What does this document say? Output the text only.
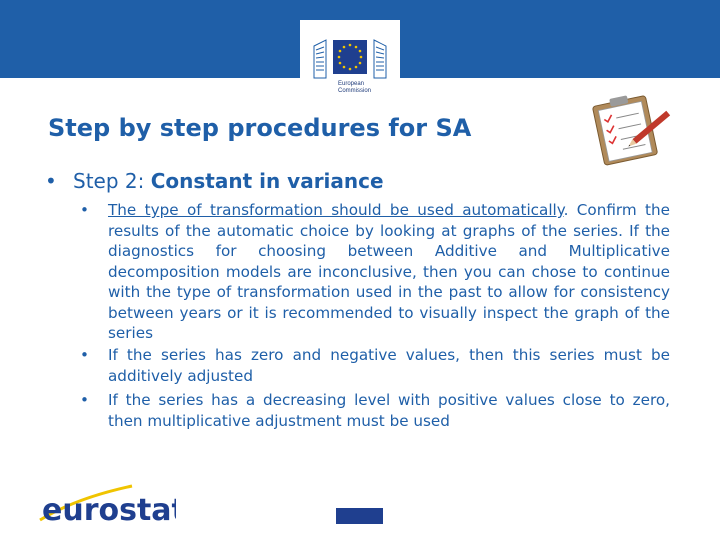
European
Commission
Step by step procedures for SA
• Step 2: Constant in variance
•	The type of transformation should be used automatically. Confirm the results of the automatic choice by looking at graphs of the series. If the diagnostics for choosing between Additive and Multiplicative decomposition models are inconclusive, then you can chose to continue with the type of transformation used in the past to allow for consistency between years or it is recommended to visually inspect the graph of the series
•	If the series has zero and negative values, then this series must be additively adjusted
•	If the series has a decreasing level with positive values close to zero, then multiplicative adjustment must be used
eurostat
